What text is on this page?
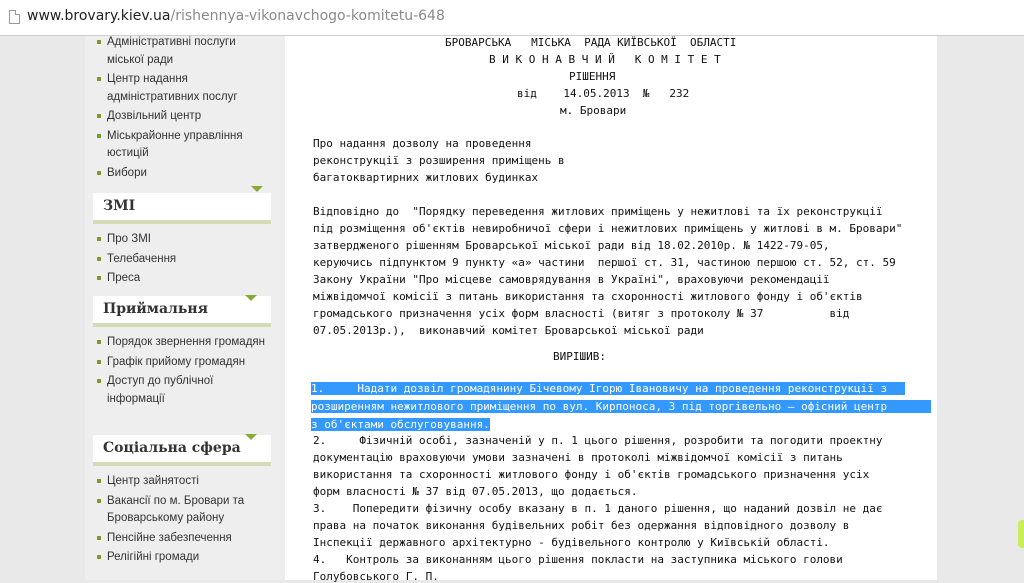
www.brovary.kiev.ua/rishennya-vikonavchogo-komitetu-648
Адміністративні послуги міської ради
Центр надання адміністративних послуг
Дозвільний центр
Міськрайонне управління юстицій
Вибори
ЗМІ
Про ЗМІ
Телебачення
Преса
Приймальня
Порядок звернення громадян
Графік прийому громадян
Доступ до публічної інформації
Соціальна сфера
Центр зайнятості
Вакансії по м. Бровари та Броварському району
Пенсійне забезпечення
Релігійні громади
БРОВАРСЬКА   МІСЬКА  РАДА КИЇВСЬКОЇ  ОБЛАСТІ
В И К О Н А В Ч И Й   К О М І Т Е Т
РІШЕННЯ
від    14.05.2013  №   232
м. Бровари
Про надання дозволу на проведення
реконструкції з розширення приміщень в
багатоквартирних житлових будинках
Відповідно до  "Порядку переведення житлових приміщень у нежитлові та їх реконструкції
під розміщення об'єктів невиробничої сфери і нежитлових приміщень у житлові в м. Бровари"
затвердженого рішенням Броварської міської ради від 18.02.2010р. № 1422-79-05,
керуючись підпунктом 9 пункту «а» частини  першої ст. 31, частиною першою ст. 52, ст. 59
Закону України "Про місцеве самоврядування в Україні", враховуючи рекомендації
міжвідомчої комісії з питань використання та схоронності житлового фонду і об'єктів
громадського призначення усіх форм власності (витяг з протоколу № 37          від
07.05.2013р.),  виконавчий комітет Броварської міської ради
ВИРІШИВ:
1.     Надати дозвіл громадянину Бічевому Ігорю Івановичу на проведення реконструкції з
розширенням нежитлового приміщення по вул. Кирпоноса, 3 під торгівельно – офісний центр
з об'єктами обслуговування.
2.     Фізичній особі, зазначеній у п. 1 цього рішення, розробити та погодити проектну
документацію враховуючи умови зазначені в протоколі міжвідомчої комісії з питань
використання та схоронності житлового фонду і об'єктів громадського призначення усіх
форм власності № 37 від 07.05.2013, що додається.
3.    Попередити фізичну особу вказану в п. 1 даного рішення, що наданий дозвіл не дає
права на початок виконання будівельних робіт без одержання відповідного дозволу в
Інспекції державного архітектурно - будівельного контролю у Київській області.
4.   Контроль за виконанням цього рішення покласти на заступника міського голови
Голубовського Г. П.
